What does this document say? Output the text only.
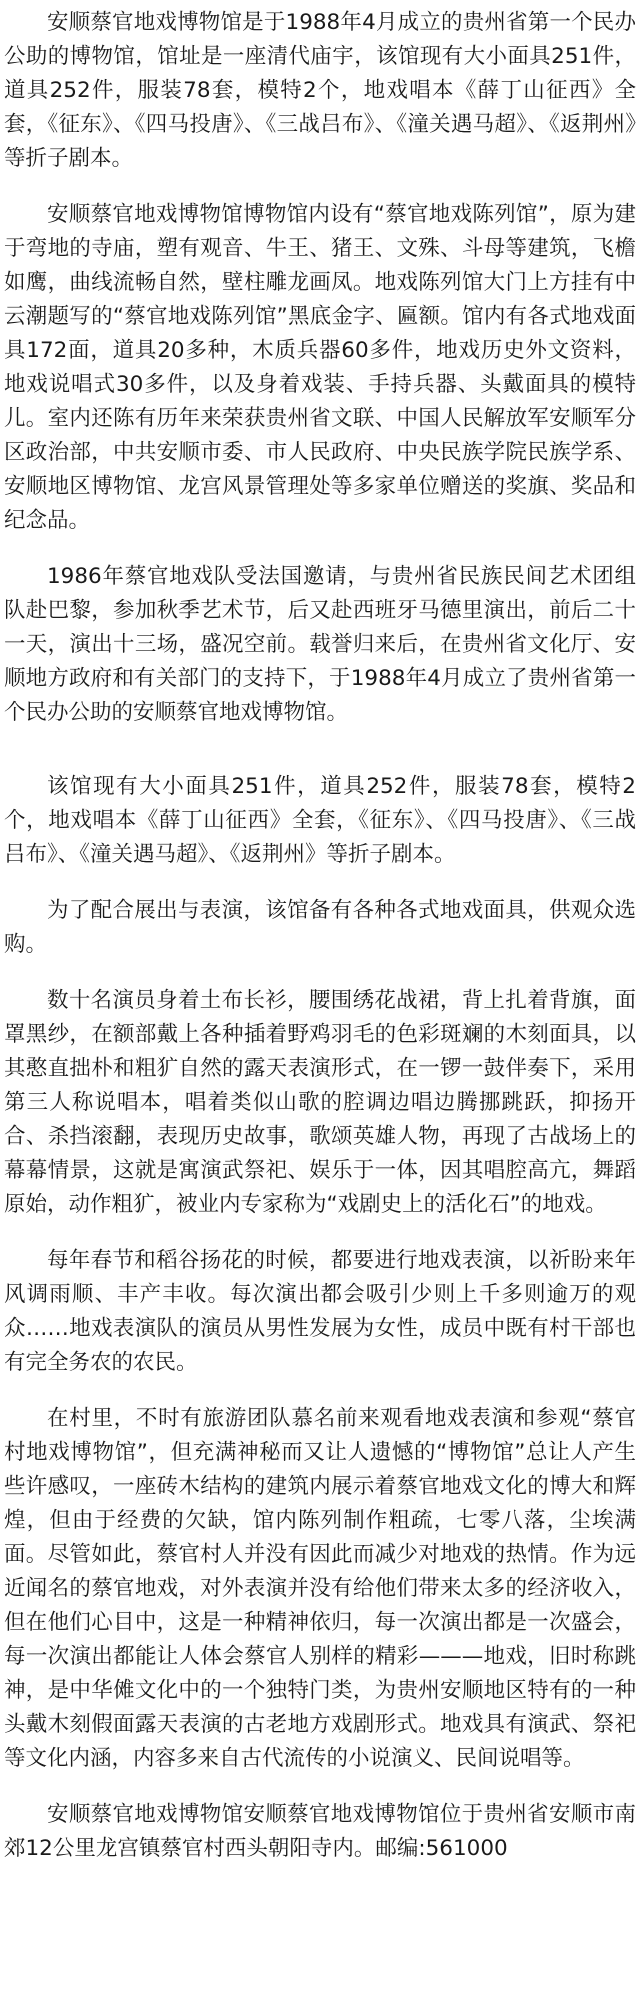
安顺蔡官地戏博物馆是于1988年4月成立的贵州省第一个民办公助的博物馆，馆址是一座清代庙宇，该馆现有大小面具251件，道具252件，服装78套，模特2个，地戏唱本《薛丁山征西》全套，《征东》、《四马投唐》、《三战吕布》、《潼关遇马超》、《返荆州》等折子剧本。

安顺蔡官地戏博物馆博物馆内设有“蔡官地戏陈列馆”，原为建于弯地的寺庙，塑有观音、牛王、猪王、文殊、斗母等建筑，飞檐如鹰，曲线流畅自然，壁柱雕龙画凤。地戏陈列馆大门上方挂有中云潮题写的“蔡官地戏陈列馆”黑底金字、匾额。馆内有各式地戏面具172面，道具20多种，木质兵器60多件，地戏历史外文资料，地戏说唱式30多件，以及身着戏装、手持兵器、头戴面具的模特儿。室内还陈有历年来荣获贵州省文联、中国人民解放军安顺军分区政治部，中共安顺市委、市人民政府、中央民族学院民族学系、安顺地区博物馆、龙宫风景管理处等多家单位赠送的奖旗、奖品和纪念品。

1986年蔡官地戏队受法国邀请，与贵州省民族民间艺术团组队赴巴黎，参加秋季艺术节，后又赴西班牙马德里演出，前后二十一天，演出十三场，盛况空前。载誉归来后，在贵州省文化厅、安顺地方政府和有关部门的支持下，于1988年4月成立了贵州省第一个民办公助的安顺蔡官地戏博物馆。

该馆现有大小面具251件，道具252件，服装78套，模特2个，地戏唱本《薛丁山征西》全套，《征东》、《四马投唐》、《三战吕布》、《潼关遇马超》、《返荆州》等折子剧本。

为了配合展出与表演，该馆备有各种各式地戏面具，供观众选购。

数十名演员身着土布长衫，腰围绣花战裙，背上扎着背旗，面罩黑纱，在额部戴上各种插着野鸡羽毛的色彩斑斓的木刻面具，以其憨直拙朴和粗犷自然的露天表演形式，在一锣一鼓伴奏下，采用第三人称说唱本，唱着类似山歌的腔调边唱边腾挪跳跃，抑扬开合、杀挡滚翻，表现历史故事，歌颂英雄人物，再现了古战场上的幕幕情景，这就是寓演武祭祀、娱乐于一体，因其唱腔高亢，舞蹈原始，动作粗犷，被业内专家称为“戏剧史上的活化石”的地戏。

每年春节和稻谷扬花的时候，都要进行地戏表演，以祈盼来年风调雨顺、丰产丰收。每次演出都会吸引少则上千多则逾万的观众……地戏表演队的演员从男性发展为女性，成员中既有村干部也有完全务农的农民。

在村里，不时有旅游团队慕名前来观看地戏表演和参观“蔡官村地戏博物馆”，但充满神秘而又让人遗憾的“博物馆”总让人产生些许感叹，一座砖木结构的建筑内展示着蔡官地戏文化的博大和辉煌，但由于经费的欠缺，馆内陈列制作粗疏，七零八落，尘埃满面。尽管如此，蔡官村人并没有因此而减少对地戏的热情。作为远近闻名的蔡官地戏，对外表演并没有给他们带来太多的经济收入，但在他们心目中，这是一种精神依归，每一次演出都是一次盛会，每一次演出都能让人体会蔡官人别样的精彩———地戏，旧时称跳神，是中华傩文化中的一个独特门类，为贵州安顺地区特有的一种头戴木刻假面露天表演的古老地方戏剧形式。地戏具有演武、祭祀等文化内涵，内容多来自古代流传的小说演义、民间说唱等。

安顺蔡官地戏博物馆安顺蔡官地戏博物馆位于贵州省安顺市南郊12公里龙宫镇蔡官村西头朝阳寺内。邮编:561000
